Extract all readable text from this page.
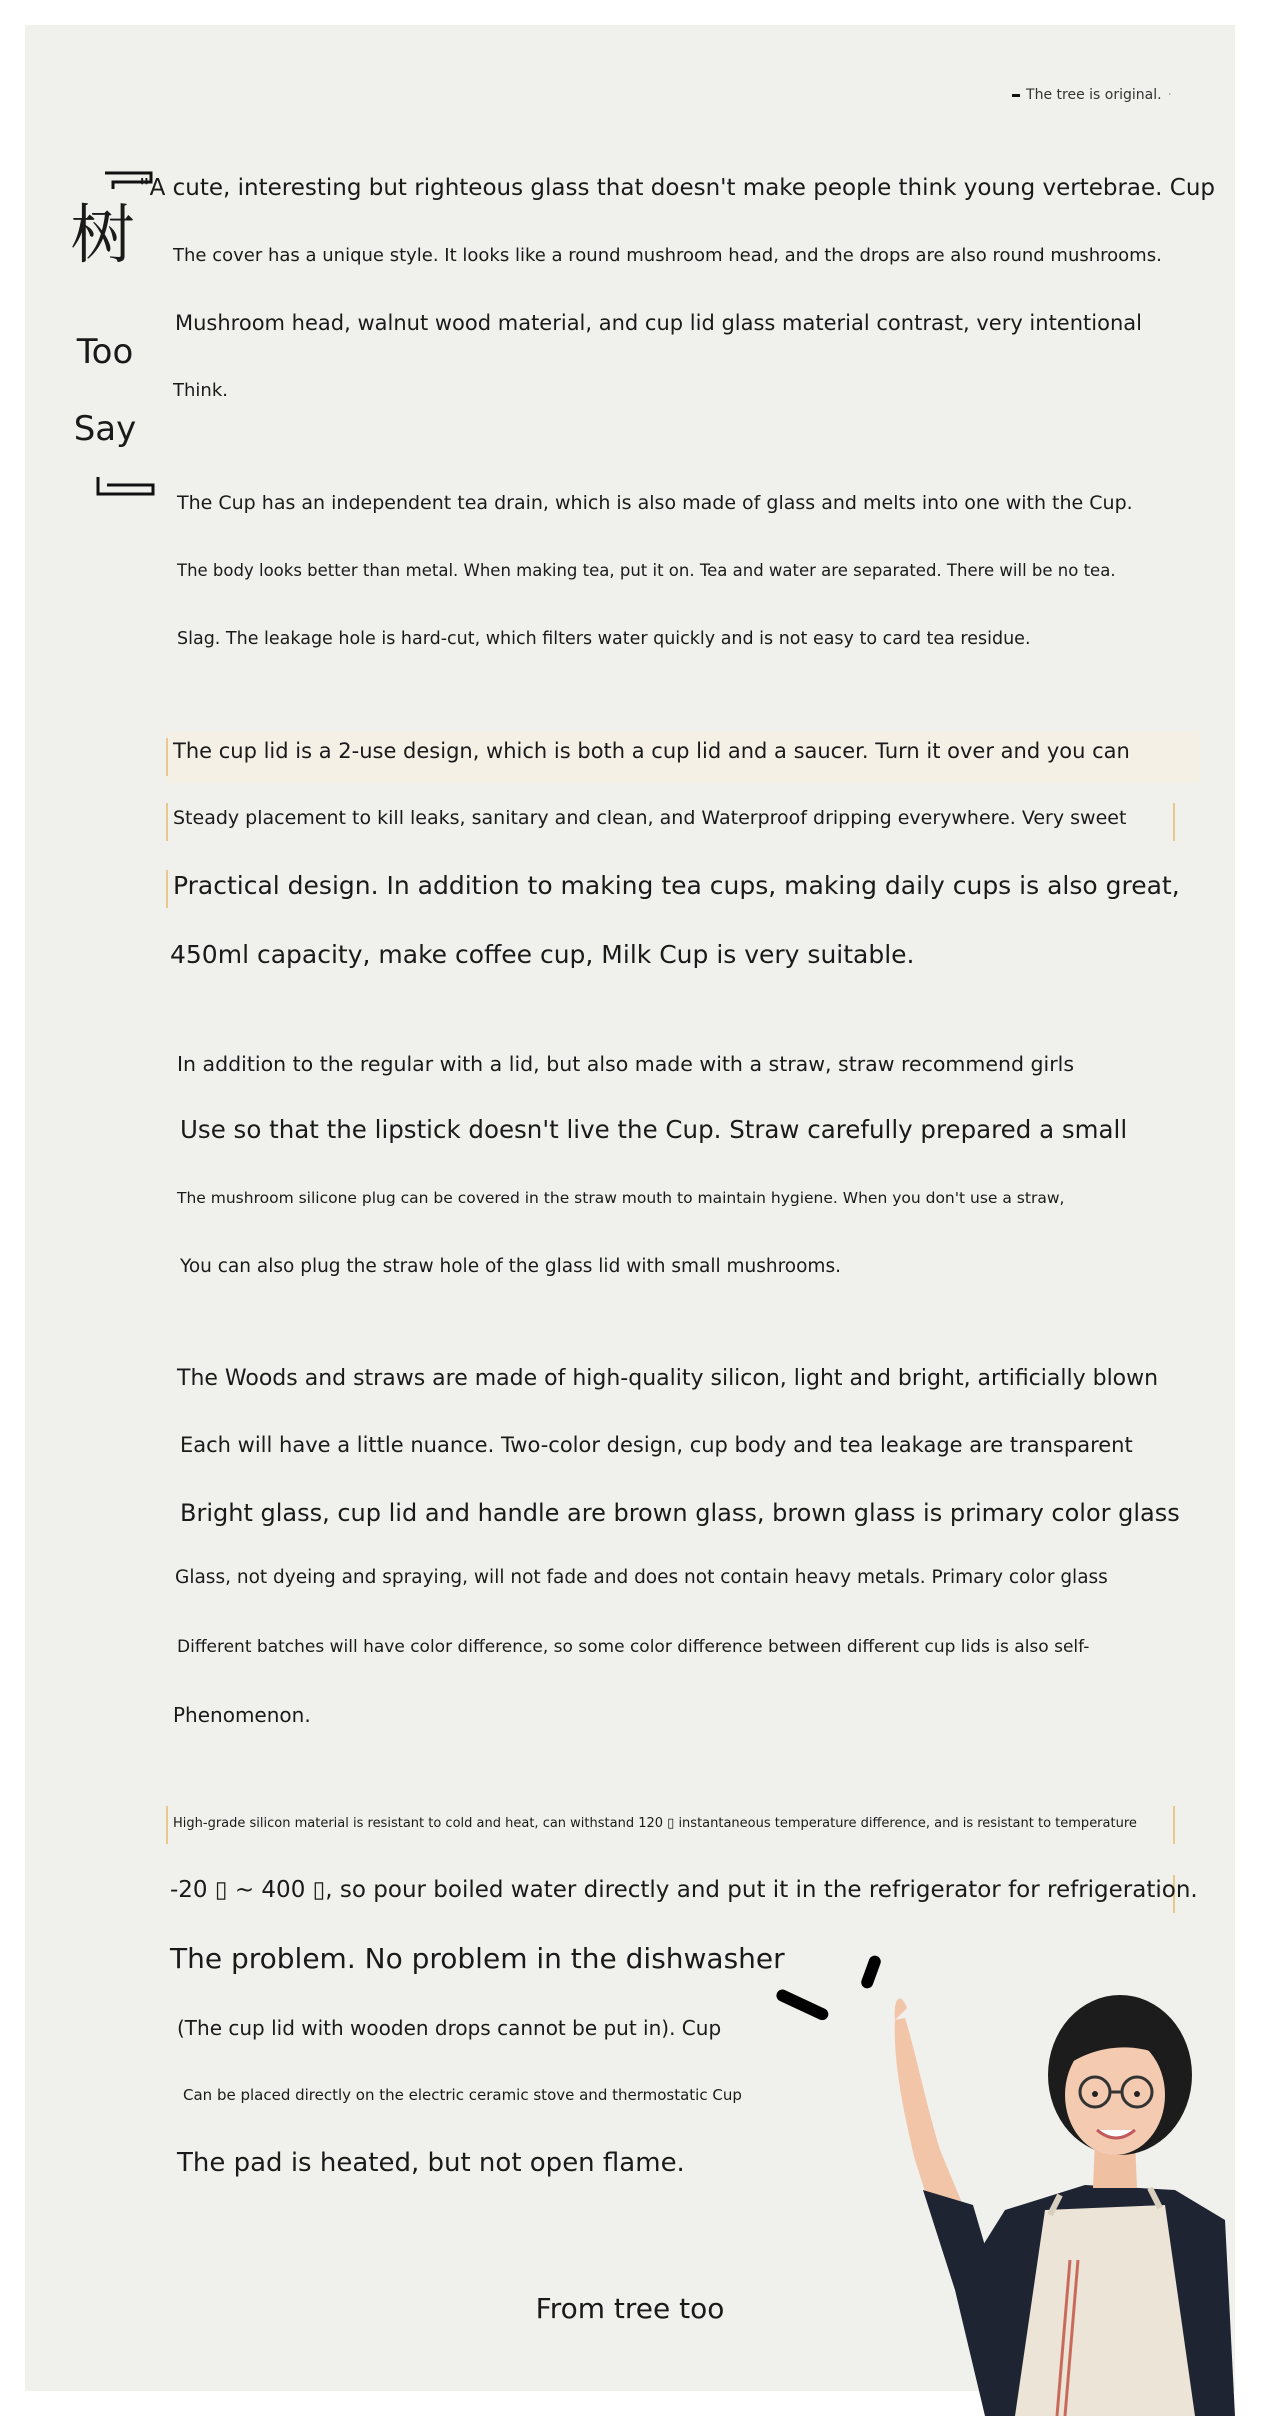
The tree is original. ·
树
Too
Say
"A cute, interesting but righteous glass that doesn't make people think young vertebrae. Cup
The cover has a unique style. It looks like a round mushroom head, and the drops are also round mushrooms.
Mushroom head, walnut wood material, and cup lid glass material contrast, very intentional
Think.
The Cup has an independent tea drain, which is also made of glass and melts into one with the Cup.
The body looks better than metal. When making tea, put it on. Tea and water are separated. There will be no tea.
Slag. The leakage hole is hard-cut, which filters water quickly and is not easy to card tea residue.
The cup lid is a 2-use design, which is both a cup lid and a saucer. Turn it over and you can
Steady placement to kill leaks, sanitary and clean, and Waterproof dripping everywhere. Very sweet
Practical design. In addition to making tea cups, making daily cups is also great,
450ml capacity, make coffee cup, Milk Cup is very suitable.
In addition to the regular with a lid, but also made with a straw, straw recommend girls
Use so that the lipstick doesn't live the Cup. Straw carefully prepared a small
The mushroom silicone plug can be covered in the straw mouth to maintain hygiene. When you don't use a straw,
You can also plug the straw hole of the glass lid with small mushrooms.
The Woods and straws are made of high-quality silicon, light and bright, artificially blown
Each will have a little nuance. Two-color design, cup body and tea leakage are transparent
Bright glass, cup lid and handle are brown glass, brown glass is primary color glass
Glass, not dyeing and spraying, will not fade and does not contain heavy metals. Primary color glass
Different batches will have color difference, so some color difference between different cup lids is also self-
Phenomenon.
High-grade silicon material is resistant to cold and heat, can withstand 120 ▯ instantaneous temperature difference, and is resistant to temperature
-20 ▯ ~ 400 ▯, so pour boiled water directly and put it in the refrigerator for refrigeration.
The problem. No problem in the dishwasher
(The cup lid with wooden drops cannot be put in). Cup
Can be placed directly on the electric ceramic stove and thermostatic Cup
The pad is heated, but not open flame.
From tree too
